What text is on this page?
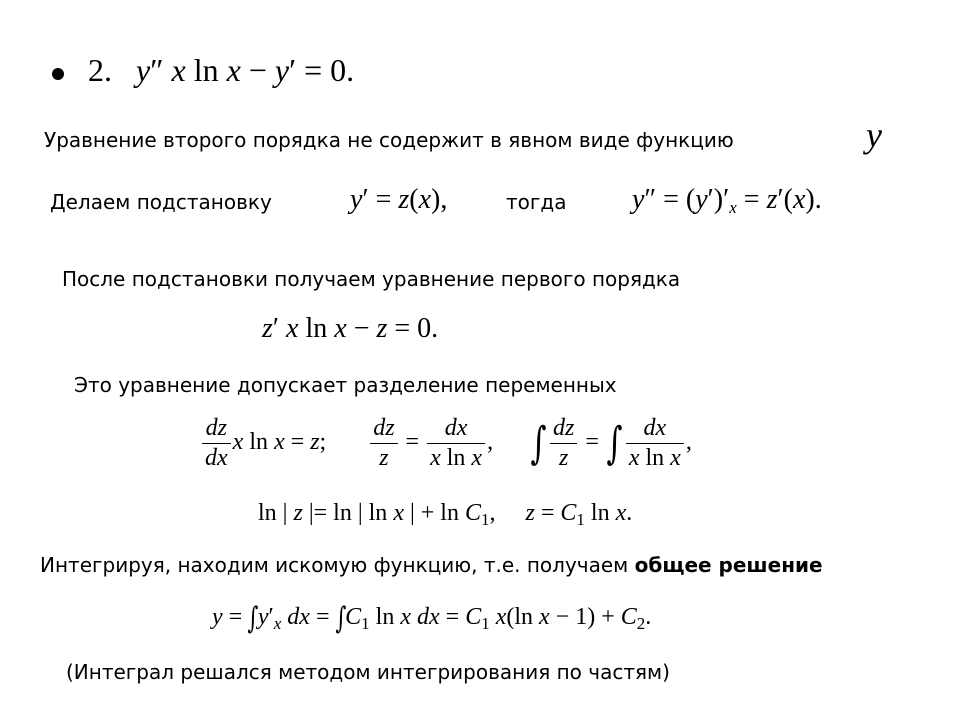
2. y″ x ln x − y′ = 0.
Уравнение второго порядка не содержит в явном виде функцию	y
Делаем подстановку	y′ = z(x),	тогда $y'' = (y')'_x = z'(x)$.
После подстановки получаем уравнение первого порядка
z′ x ln x − z = 0.
Это уравнение допускает разделение переменных
$\frac{dz}{dx}$ x ln x = z; $\frac{dz}{z} = \frac{dx}{\text{x ln x}}$ ,      ∫ $\frac{dz}{z}$ = ∫ $\frac{dx}{\text{x ln x}}$ ,
ln | z |= ln | ln x | + $\ln C_1$,     $z = C_1$ ln x.
Интегрируя, находим искомую функцию, т.е. получаем общее решение
$y = \int y'_x$ dx = $\int C_1$ ln x dx = $C_1$ x(ln $x - 1) + C_2$.
(Интеграл решался методом интегрирования по частям)
